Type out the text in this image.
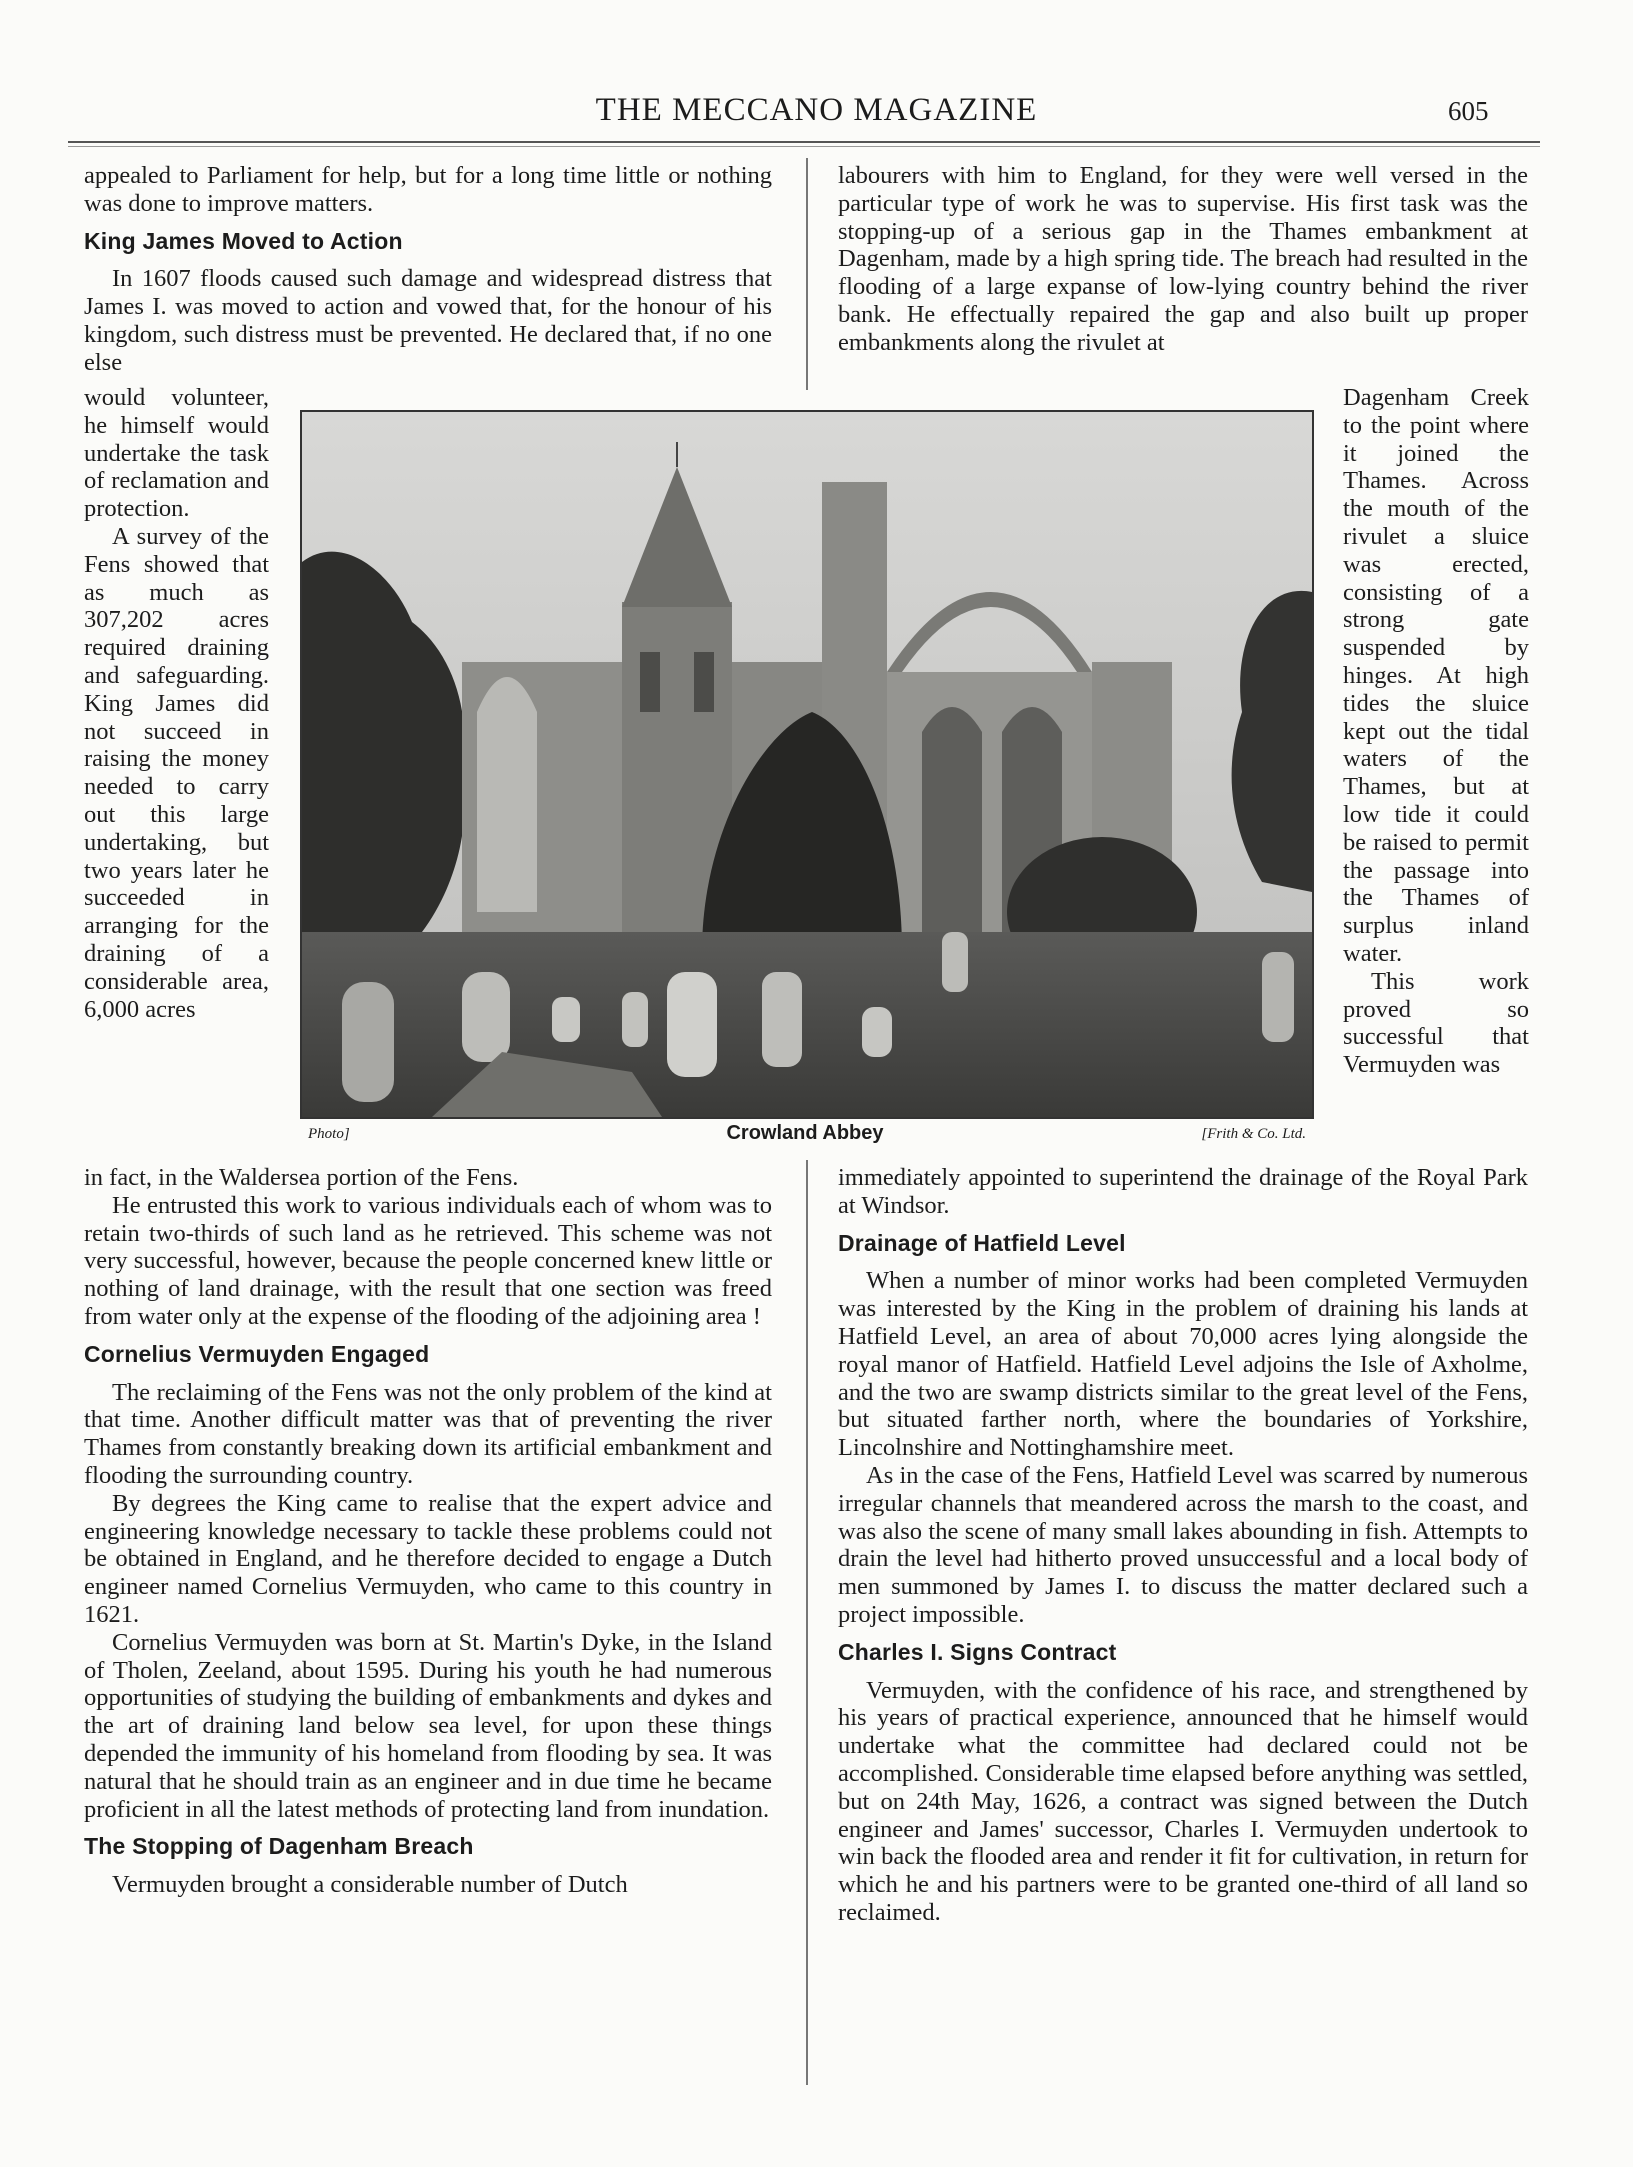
THE MECCANO MAGAZINE	605

appealed to Parliament for help, but for a long time little or nothing was done to improve matters.

King James Moved to Action

In 1607 floods caused such damage and widespread distress that James I. was moved to action and vowed that, for the honour of his kingdom, such distress must be prevented. He declared that, if no one else

would volunteer, he himself would undertake the task of reclamation and protection.

A survey of the Fens showed that as much as 307,202 acres required draining and safeguarding. King James did not succeed in raising the money needed to carry out this large undertaking, but two years later he succeeded in arranging for the draining of a considerable area, 6,000 acres

in fact, in the Waldersea portion of the Fens.

He entrusted this work to various individuals each of whom was to retain two-thirds of such land as he retrieved. This scheme was not very successful, however, because the people concerned knew little or nothing of land drainage, with the result that one section was freed from water only at the expense of the flooding of the adjoining area !

Cornelius Vermuyden Engaged

The reclaiming of the Fens was not the only problem of the kind at that time. Another difficult matter was that of preventing the river Thames from constantly breaking down its artificial embankment and flooding the surrounding country.

By degrees the King came to realise that the expert advice and engineering knowledge necessary to tackle these problems could not be obtained in England, and he therefore decided to engage a Dutch engineer named Cornelius Vermuyden, who came to this country in 1621.

Cornelius Vermuyden was born at St. Martin's Dyke, in the Island of Tholen, Zeeland, about 1595. During his youth he had numerous opportunities of studying the building of embankments and dykes and the art of draining land below sea level, for upon these things depended the immunity of his homeland from flooding by sea. It was natural that he should train as an engineer and in due time he became proficient in all the latest methods of protecting land from inundation.

The Stopping of Dagenham Breach

Vermuyden brought a considerable number of Dutch

labourers with him to England, for they were well versed in the particular type of work he was to supervise. His first task was the stopping-up of a serious gap in the Thames embankment at Dagenham, made by a high spring tide. The breach had resulted in the flooding of a large expanse of low-lying country behind the river bank. He effectually repaired the gap and also built up proper embankments along the rivulet at

Dagenham Creek to the point where it joined the Thames. Across the mouth of the rivulet a sluice was erected, consisting of a strong gate suspended by hinges. At high tides the sluice kept out the tidal waters of the Thames, but at low tide it could be raised to permit the passage into the Thames of surplus inland water.

This work proved so successful that Vermuyden was

immediately appointed to superintend the drainage of the Royal Park at Windsor.

Drainage of Hatfield Level

When a number of minor works had been completed Vermuyden was interested by the King in the problem of draining his lands at Hatfield Level, an area of about 70,000 acres lying alongside the royal manor of Hatfield. Hatfield Level adjoins the Isle of Axholme, and the two are swamp districts similar to the great level of the Fens, but situated farther north, where the boundaries of Yorkshire, Lincolnshire and Nottinghamshire meet.

As in the case of the Fens, Hatfield Level was scarred by numerous irregular channels that meandered across the marsh to the coast, and was also the scene of many small lakes abounding in fish. Attempts to drain the level had hitherto proved unsuccessful and a local body of men summoned by James I. to discuss the matter declared such a project impossible.

Charles I. Signs Contract

Vermuyden, with the confidence of his race, and strengthened by his years of practical experience, announced that he himself would undertake what the committee had declared could not be accomplished. Considerable time elapsed before anything was settled, but on 24th May, 1626, a contract was signed between the Dutch engineer and James' successor, Charles I. Vermuyden undertook to win back the flooded area and render it fit for cultivation, in return for which he and his partners were to be granted one-third of all land so reclaimed.

Photo]	Crowland Abbey	[Frith & Co. Ltd.
